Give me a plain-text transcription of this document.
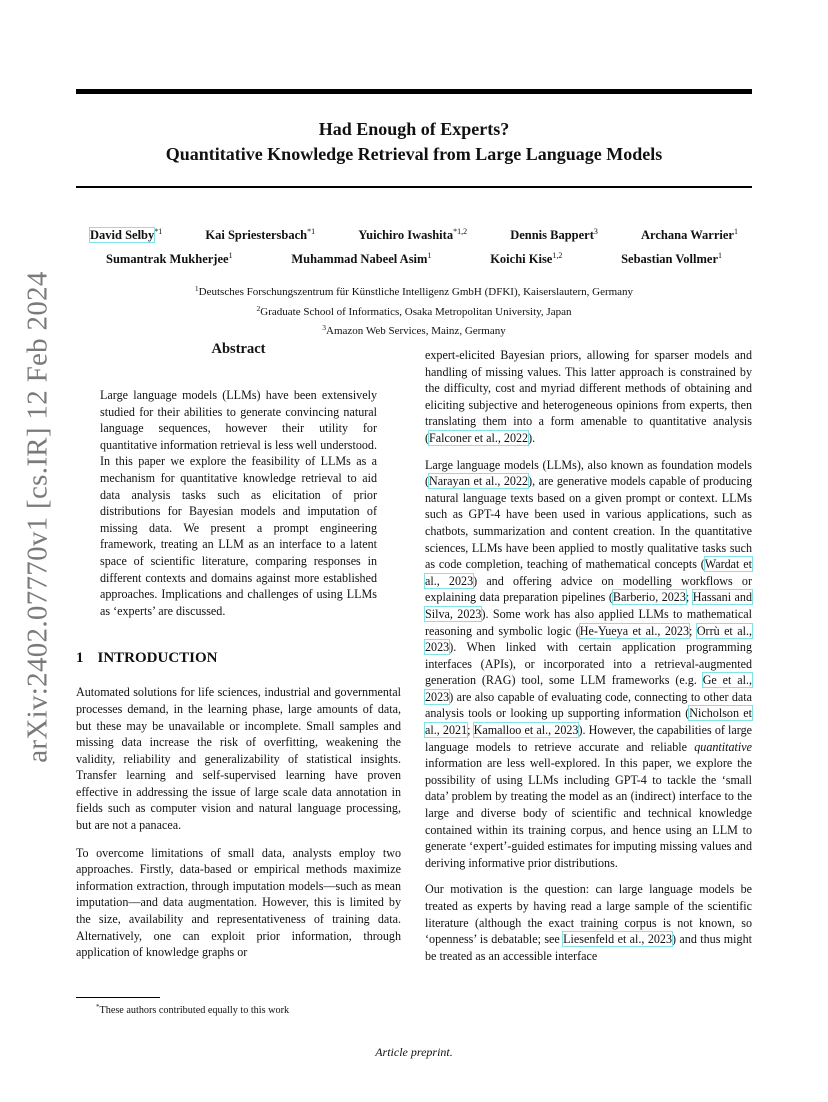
Had Enough of Experts?
Quantitative Knowledge Retrieval from Large Language Models
arXiv:2402.07770v1 [cs.IR] 12 Feb 2024
David Selby$^{*1}$	Kai Spriestersbach$^{*1}$	Yuichiro Iwashita$^{*1,2}$	Dennis Bappert$^3$	Archana Warrier$^1$
Sumantrak Mukherjee$^1$	Muhammad Nabeel Asim$^1$	Koichi Kise$^{1,2}$	Sebastian Vollmer$^1$
$^1$Deutsches Forschungszentrum für Künstliche Intelligenz GmbH (DFKI), Kaiserslautern, Germany
$^2$Graduate School of Informatics, Osaka Metropolitan University, Japan
$^3$Amazon Web Services, Mainz, Germany
Abstract

Large language models (LLMs) have been extensively studied for their abilities to generate convincing natural language sequences, however their utility for quantitative information retrieval is less well understood. In this paper we explore the feasibility of LLMs as a mechanism for quantitative knowledge retrieval to aid data analysis tasks such as elicitation of prior distributions for Bayesian models and imputation of missing data. We present a prompt engineering framework, treating an LLM as an interface to a latent space of scientific literature, comparing responses in different contexts and domains against more established approaches. Implications and challenges of using LLMs as ‘experts’ are discussed.

1 INTRODUCTION

Automated solutions for life sciences, industrial and governmental processes demand, in the learning phase, large amounts of data, but these may be unavailable or incomplete. Small samples and missing data increase the risk of overfitting, weakening the validity, reliability and generalizability of statistical insights. Transfer learning and self-supervised learning have proven effective in addressing the issue of large scale data annotation in fields such as computer vision and natural language processing, but are not a panacea.

To overcome limitations of small data, analysts employ two approaches. Firstly, data-based or empirical methods maximize information extraction, through imputation models—such as mean imputation—and data augmentation. However, this is limited by the size, availability and representativeness of training data. Alternatively, one can exploit prior information, through application of knowledge graphs or

expert-elicited Bayesian priors, allowing for sparser models and handling of missing values. This latter approach is constrained by the difficulty, cost and myriad different methods of obtaining and eliciting subjective and heterogeneous opinions from experts, then translating them into a form amenable to quantitative analysis (Falconer et al., 2022).

Large language models (LLMs), also known as foundation models (Narayan et al., 2022), are generative models capable of producing natural language texts based on a given prompt or context. LLMs such as GPT-4 have been used in various applications, such as chatbots, summarization and content creation. In the quantitative sciences, LLMs have been applied to mostly qualitative tasks such as code completion, teaching of mathematical concepts (Wardat et al., 2023) and offering advice on modelling workflows or explaining data preparation pipelines (Barberio, 2023; Hassani and Silva, 2023). Some work has also applied LLMs to mathematical reasoning and symbolic logic (He-Yueya et al., 2023; Orrù et al., 2023). When linked with certain application programming interfaces (APIs), or incorporated into a retrieval-augmented generation (RAG) tool, some LLM frameworks (e.g. Ge et al., 2023) are also capable of evaluating code, connecting to other data analysis tools or looking up supporting information (Nicholson et al., 2021; Kamalloo et al., 2023). However, the capabilities of large language models to retrieve accurate and reliable quantitative information are less well-explored. In this paper, we explore the possibility of using LLMs including GPT-4 to tackle the ‘small data’ problem by treating the model as an (indirect) interface to the large and diverse body of scientific and technical knowledge contained within its training corpus, and hence using an LLM to generate ‘expert’-guided estimates for imputing missing values and deriving informative prior distributions.

Our motivation is the question: can large language models be treated as experts by having read a large sample of the scientific literature (although the exact training corpus is not known, so ‘openness’ is debatable; see Liesenfeld et al., 2023) and thus might be treated as an accessible interface

*These authors contributed equally to this work
Article preprint.
